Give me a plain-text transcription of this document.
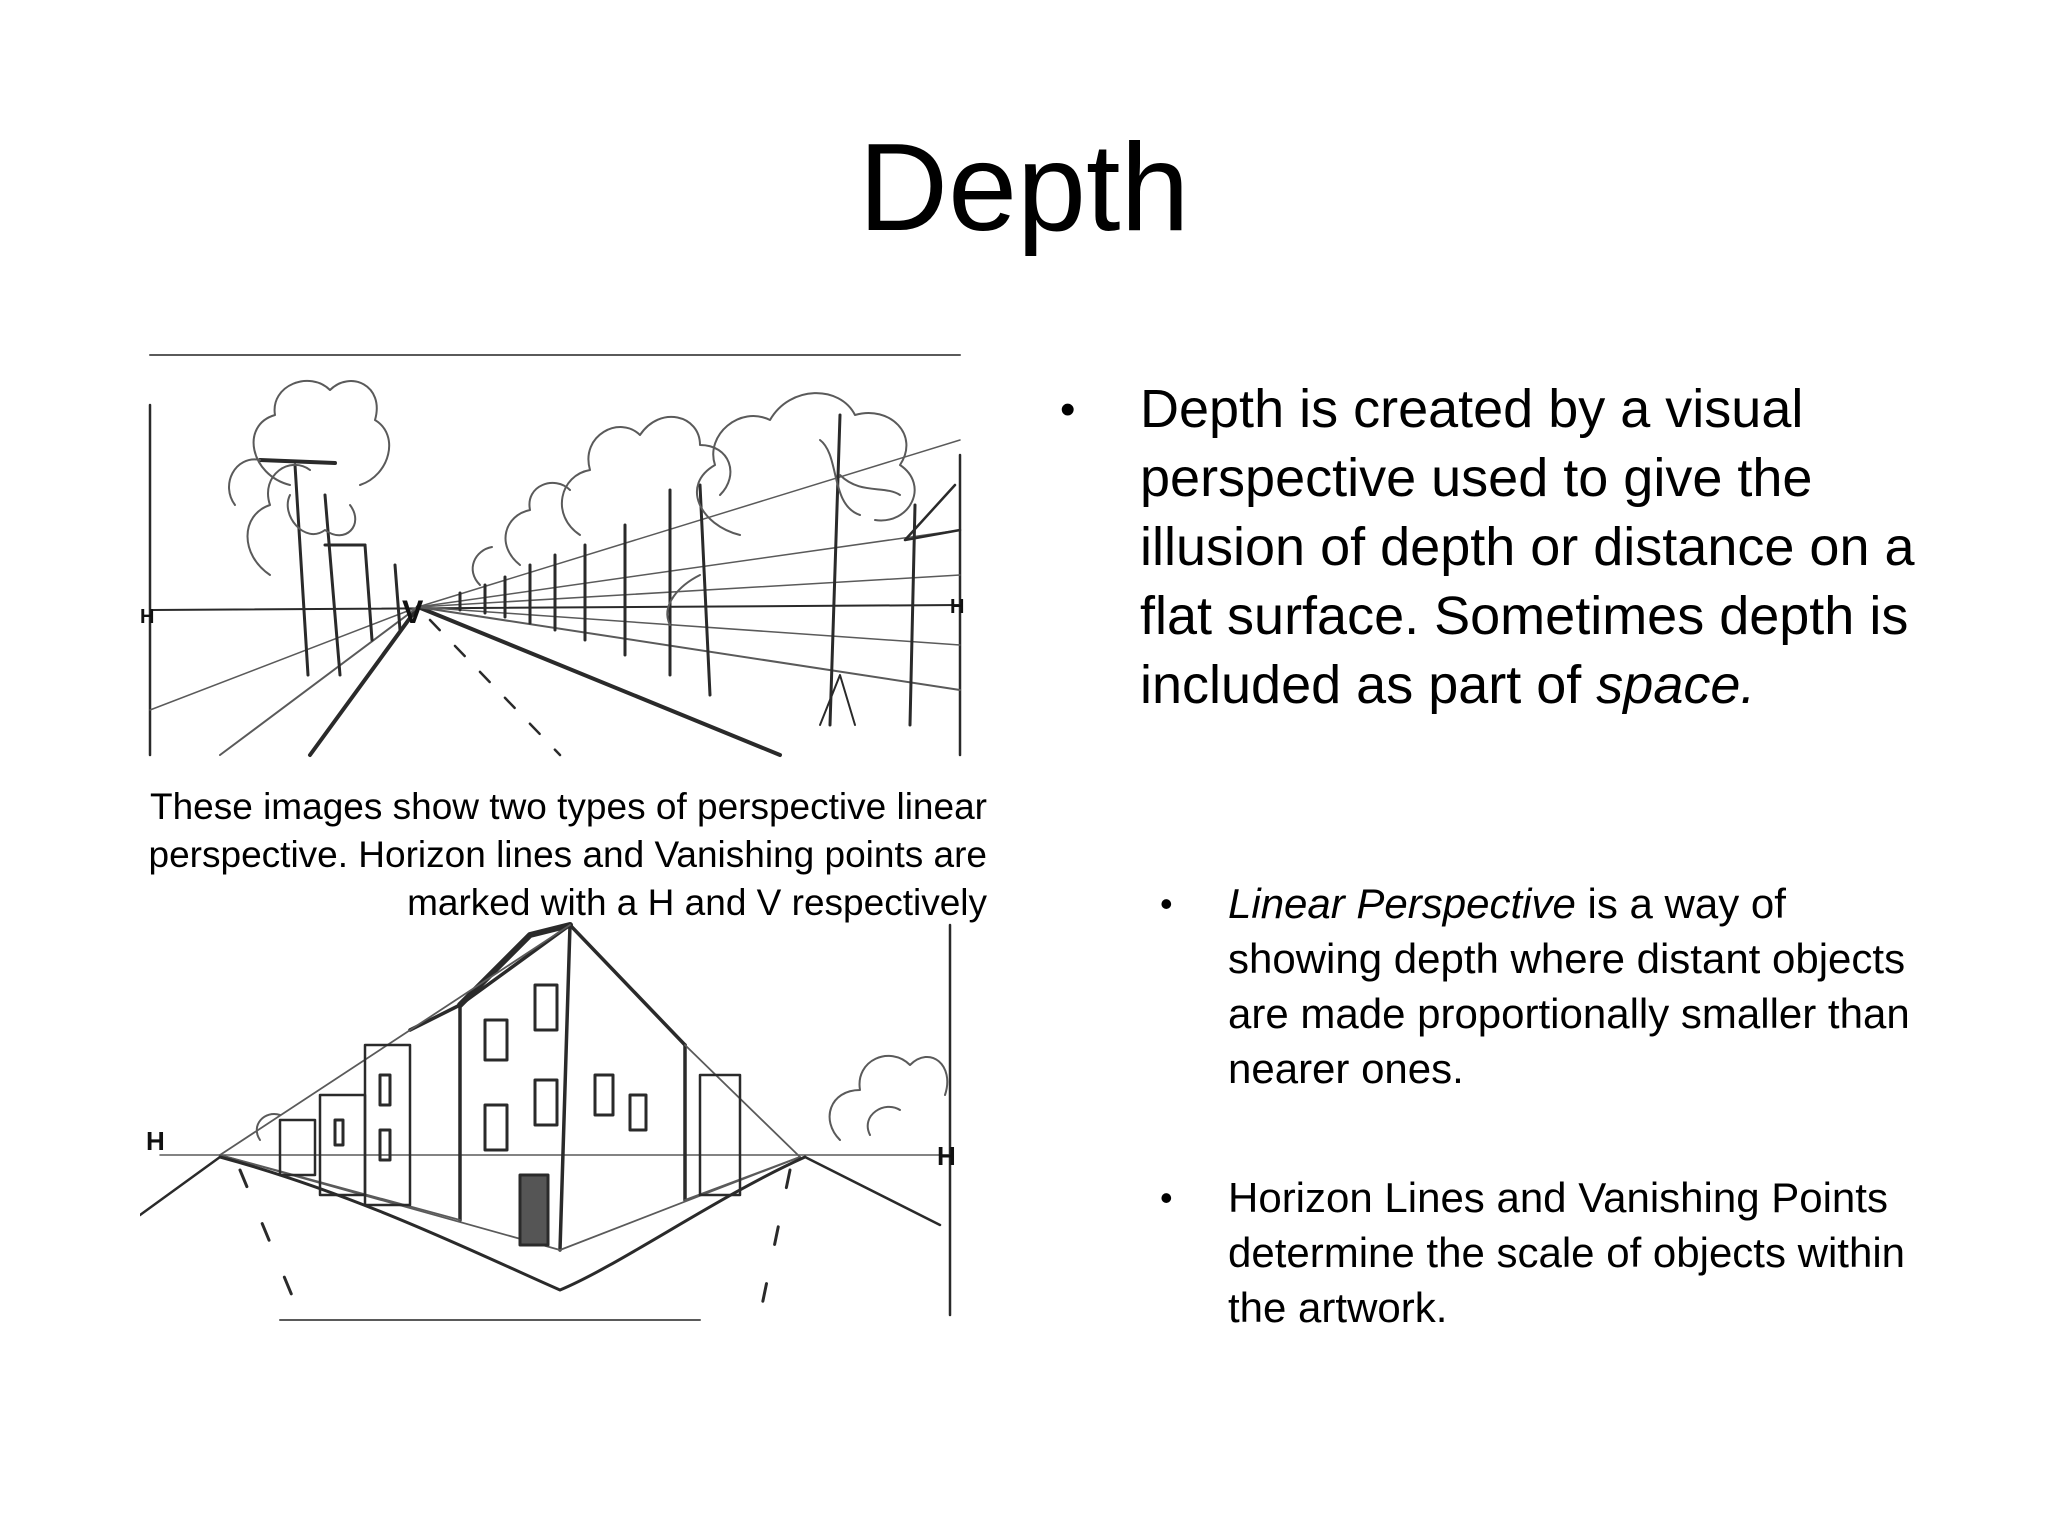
Depth
H	H
V
These images show two types of perspective linear perspective. Horizon lines and Vanishing points are marked with a H and V respectively
H	H
• Depth is created by a visual perspective used to give the illusion of depth or distance on a flat surface. Sometimes depth is included as part of space.
• Linear Perspective is a way of showing depth where distant objects are made proportionally smaller than nearer ones.
• Horizon Lines and Vanishing Points determine the scale of objects within the artwork.
